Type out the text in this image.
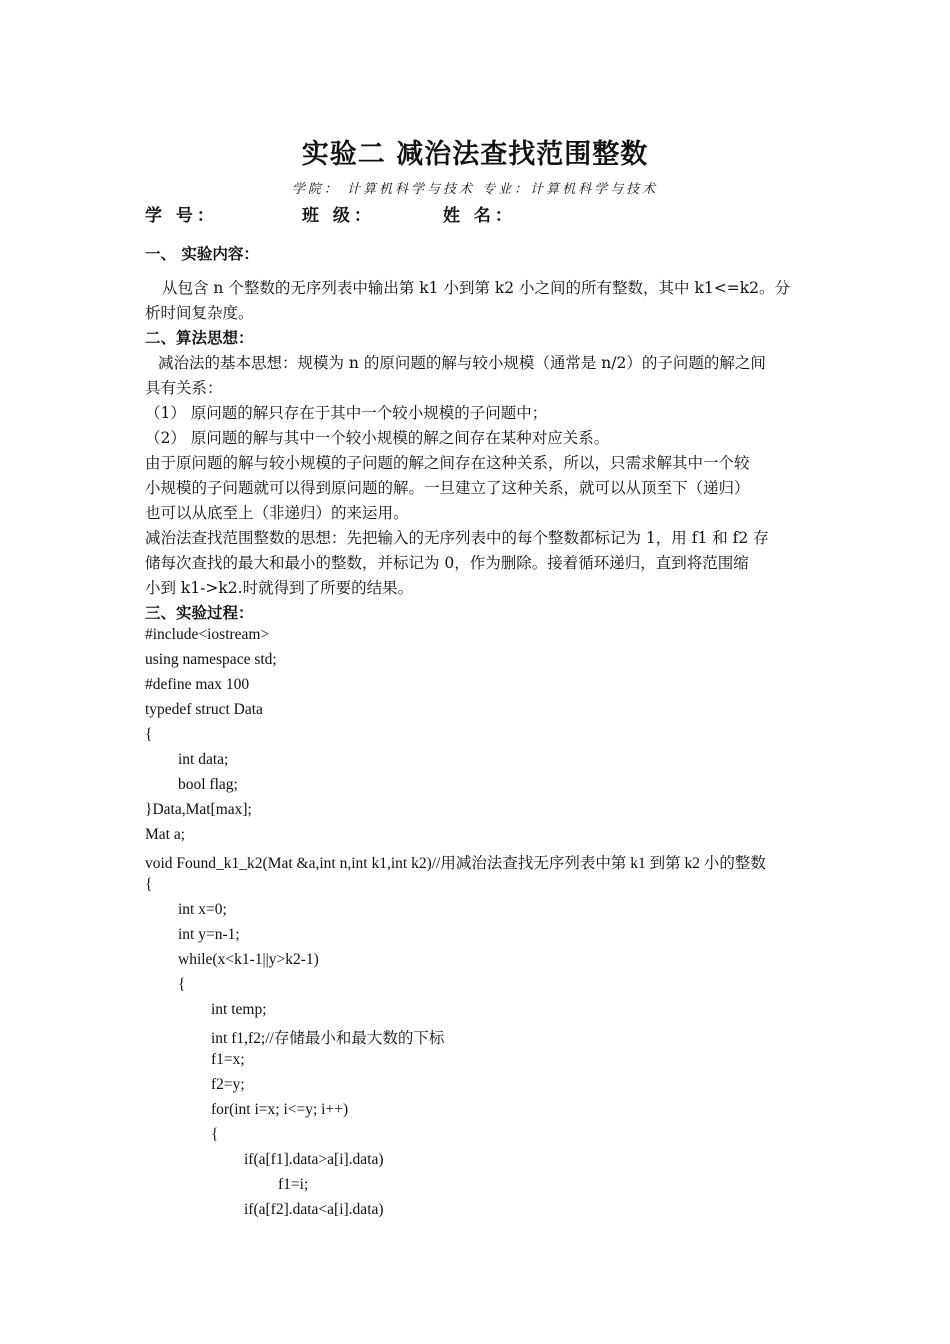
实验二 减治法查找范围整数
学院： 计算机科学与技术 专业：计算机科学与技术
学 号：	班 级：	姓 名：
一、 实验内容：
从包含 n 个整数的无序列表中输出第 k1 小到第 k2 小之间的所有整数，其中 k1<=k2。分
析时间复杂度。
二、算法思想：
减治法的基本思想：规模为 n 的原问题的解与较小规模（通常是 n/2）的子问题的解之间
具有关系：
（1） 原问题的解只存在于其中一个较小规模的子问题中；
（2） 原问题的解与其中一个较小规模的解之间存在某种对应关系。
由于原问题的解与较小规模的子问题的解之间存在这种关系，所以，只需求解其中一个较
小规模的子问题就可以得到原问题的解。一旦建立了这种关系，就可以从顶至下（递归）
也可以从底至上（非递归）的来运用。
减治法查找范围整数的思想：先把输入的无序列表中的每个整数都标记为 1，用 f1 和 f2 存
储每次查找的最大和最小的整数，并标记为 0，作为删除。接着循环递归，直到将范围缩
小到 k1->k2.时就得到了所要的结果。
三、实验过程：
#include<iostream>
using namespace std;
#define max 100
typedef struct Data
{
int data;
bool flag;
}Data,Mat[max];
Mat a;
void Found_k1_k2(Mat &a,int n,int k1,int k2)//用减治法查找无序列表中第 k1 到第 k2 小的整数
{
int x=0;
int y=n-1;
while(x<k1-1||y>k2-1)
{
int temp;
int f1,f2;//存储最小和最大数的下标
f1=x;
f2=y;
for(int i=x; i<=y; i++)
{
if(a[f1].data>a[i].data)
f1=i;
if(a[f2].data<a[i].data)
